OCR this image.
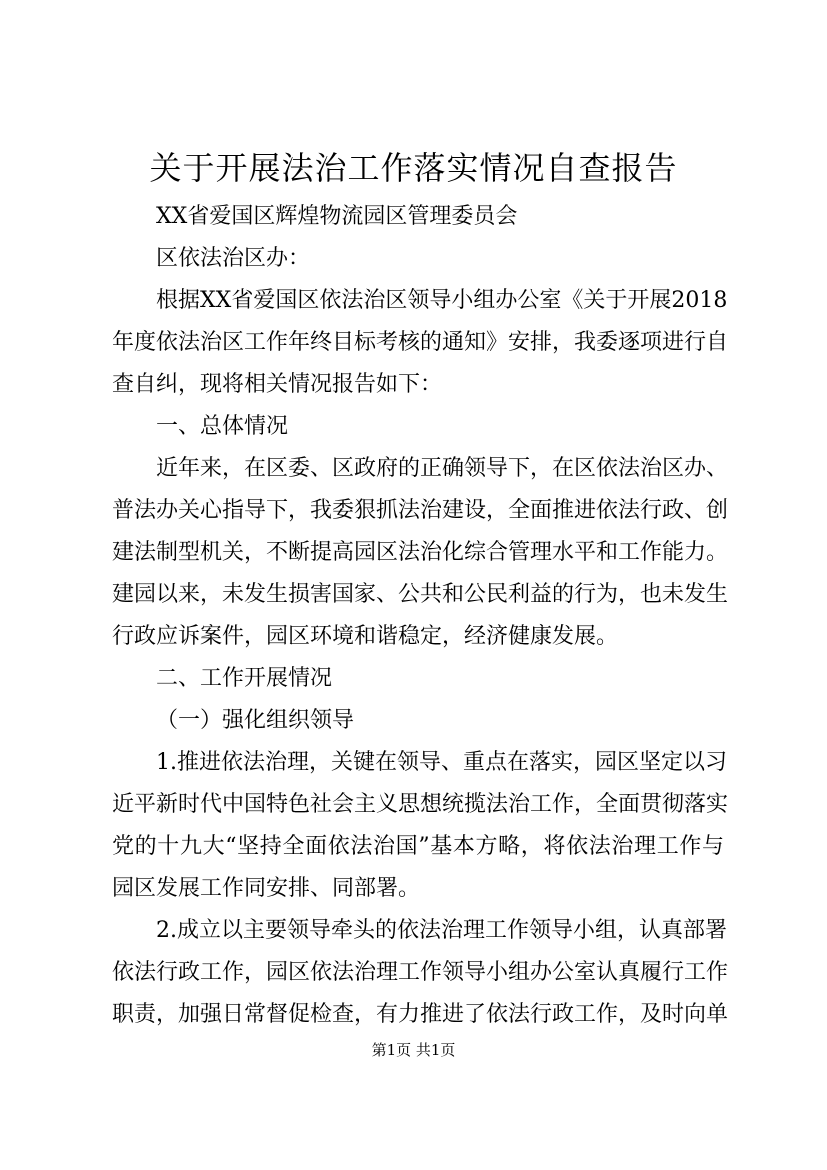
关于开展法治工作落实情况自查报告

XX省爱国区辉煌物流园区管理委员会

区依法治区办：

根据XX省爱国区依法治区领导小组办公室《关于开展2018

年度依法治区工作年终目标考核的通知》安排，我委逐项进行自

查自纠，现将相关情况报告如下：

一、总体情况

近年来，在区委、区政府的正确领导下，在区依法治区办、

普法办关心指导下，我委狠抓法治建设，全面推进依法行政、创

建法制型机关，不断提高园区法治化综合管理水平和工作能力。

建园以来，未发生损害国家、公共和公民利益的行为，也未发生

行政应诉案件，园区环境和谐稳定，经济健康发展。

二、工作开展情况

（一）强化组织领导

1.推进依法治理，关键在领导、重点在落实，园区坚定以习

近平新时代中国特色社会主义思想统揽法治工作，全面贯彻落实

党的十九大“坚持全面依法治国”基本方略，将依法治理工作与

园区发展工作同安排、同部署。

2.成立以主要领导牵头的依法治理工作领导小组，认真部署

依法行政工作，园区依法治理工作领导小组办公室认真履行工作

职责，加强日常督促检查，有力推进了依法行政工作，及时向单

第1页 共1页
